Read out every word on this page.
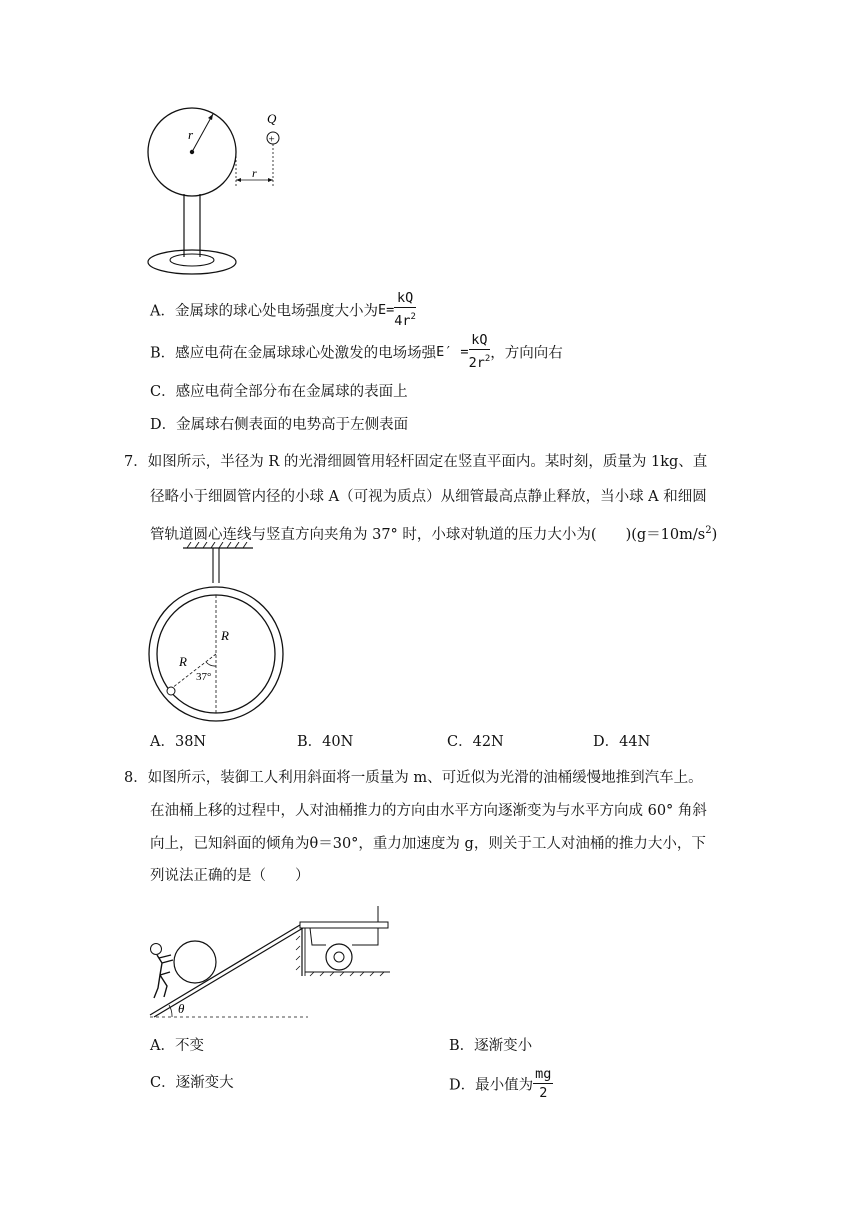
r
Q
+
r
A．金属球的球心处电场强度大小为$E= \frac{kQ}{4r^2}$
B．感应电荷在金属球球心处激发的电场场强$E' = \frac{kQ}{2r^2}$ ，方向向右
C．感应电荷全部分布在金属球的表面上
D．金属球右侧表面的电势高于左侧表面
7．如图所示，半径为 R 的光滑细圆管用轻杆固定在竖直平面内。某时刻，质量为 1kg、直
径略小于细圆管内径的小球 A（可视为质点）从细管最高点静止释放，当小球 A 和细圆
管轨道圆心连线与竖直方向夹角为 37° 时，小球对轨道的压力大小为(　　)$(g=10m/s^2)$
R
R
37°
A．38N	B．40N	C．42N	D．44N
8．如图所示，装御工人利用斜面将一质量为 m、可近似为光滑的油桶缓慢地推到汽车上。
在油桶上移的过程中，人对油桶推力的方向由水平方向逐渐变为与水平方向成 60° 角斜
向上，已知斜面的倾角为θ＝30°，重力加速度为 g，则关于工人对油桶的推力大小，下
列说法正确的是（　　）
θ
A．不变	B．逐渐变小
C．逐渐变大	D．最小值为 $\frac{mg}{2}$
